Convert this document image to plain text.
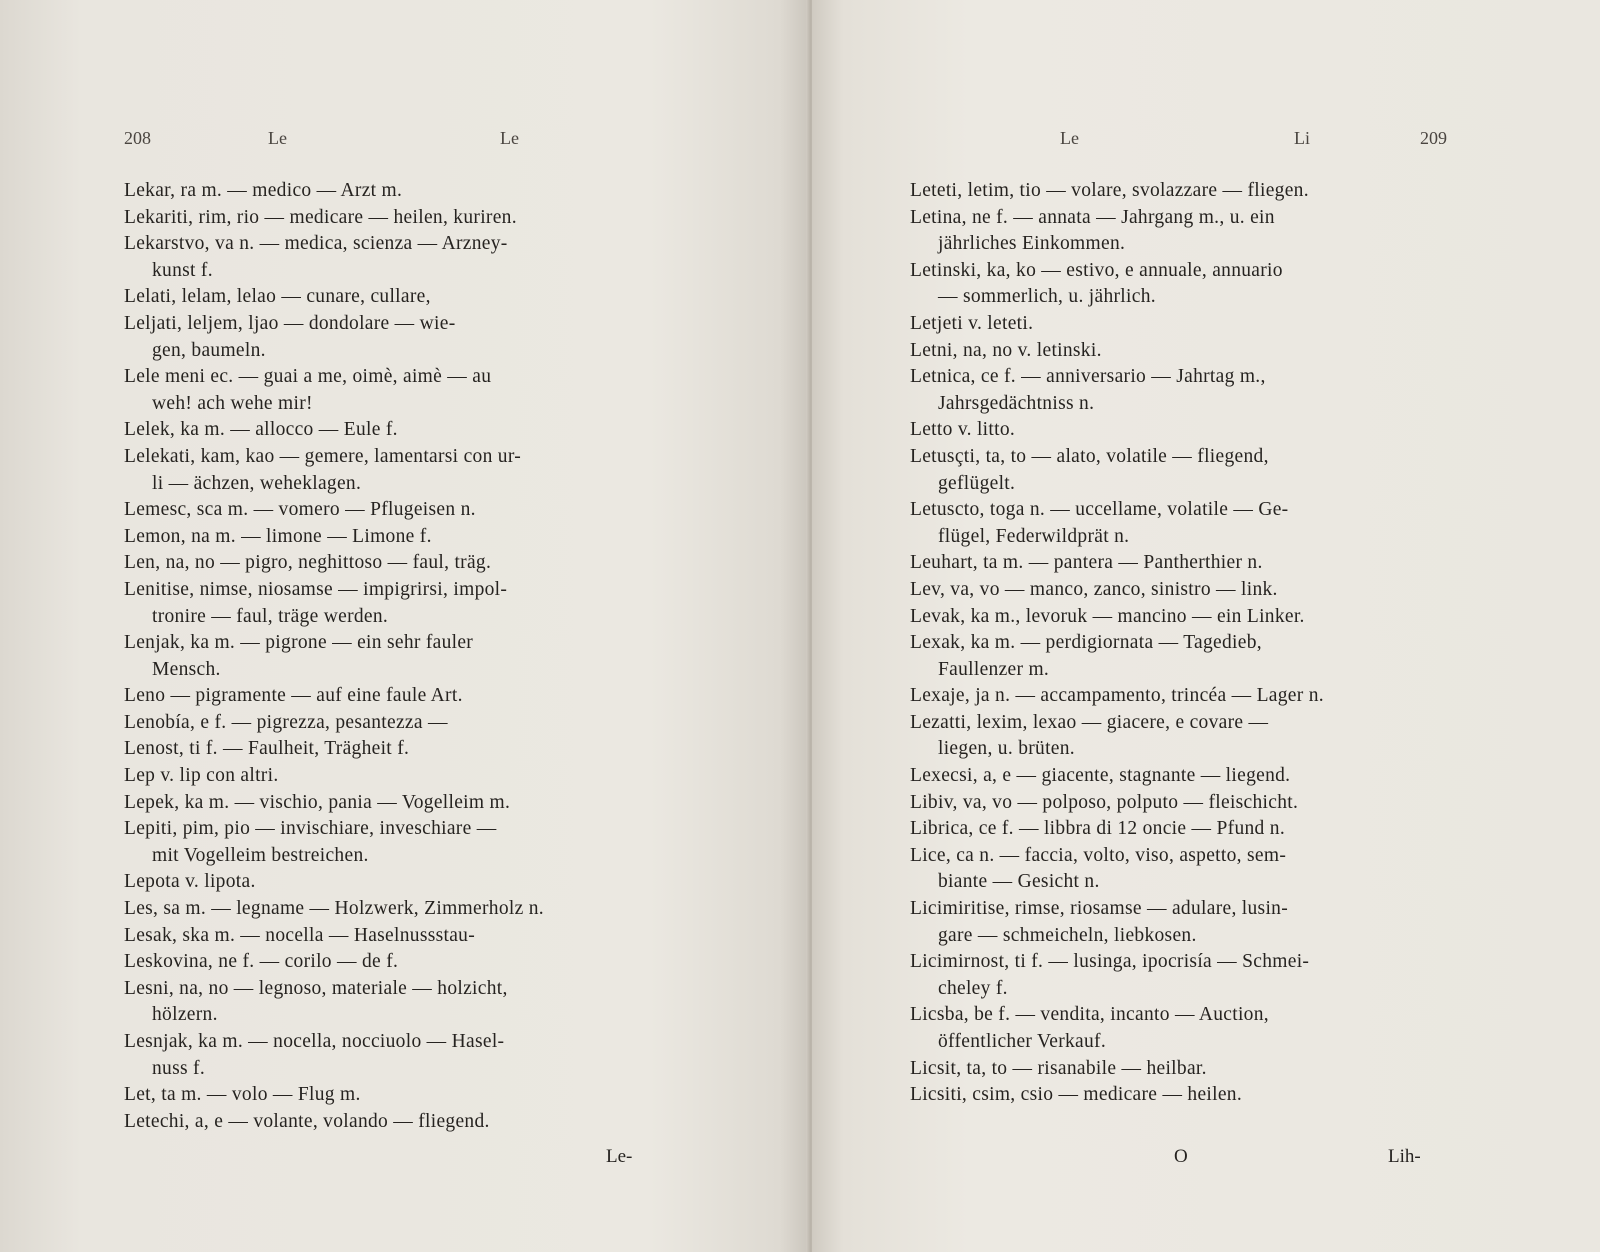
208	Le	Le
Lekar, ra m. — medico — Arzt m.
Lekariti, rim, rio — medicare — heilen, kuriren.
Lekarstvo, va n. — medica, scienza — Arzney-
kunst f.
Lelati, lelam, lelao — cunare, cullare,
Leljati, leljem, ljao — dondolare — wie-
gen, baumeln.
Lele meni ec. — guai a me, oimè, aimè — au
weh! ach wehe mir!
Lelek, ka m. — allocco — Eule f.
Lelekati, kam, kao — gemere, lamentarsi con ur-
li — ächzen, weheklagen.
Lemesc, sca m. — vomero — Pflugeisen n.
Lemon, na m. — limone — Limone f.
Len, na, no — pigro, neghittoso — faul, träg.
Lenitise, nimse, niosamse — impigrirsi, impol-
tronire — faul, träge werden.
Lenjak, ka m. — pigrone — ein sehr fauler
Mensch.
Leno — pigramente — auf eine faule Art.
Lenobía, e f. — pigrezza, pesantezza —
Lenost, ti f. — Faulheit, Trägheit f.
Lep v. lip con altri.
Lepek, ka m. — vischio, pania — Vogelleim m.
Lepiti, pim, pio — invischiare, inveschiare —
mit Vogelleim bestreichen.
Lepota v. lipota.
Les, sa m. — legname — Holzwerk, Zimmerholz n.
Lesak, ska m. — nocella — Haselnussstau-
Leskovina, ne f. — corilo — de f.
Lesni, na, no — legnoso, materiale — holzicht,
hölzern.
Lesnjak, ka m. — nocella, nocciuolo — Hasel-
nuss f.
Let, ta m. — volo — Flug m.
Letechi, a, e — volante, volando — fliegend.
Le-
Le	Li	209
Leteti, letim, tio — volare, svolazzare — fliegen.
Letina, ne f. — annata — Jahrgang m., u. ein
jährliches Einkommen.
Letinski, ka, ko — estivo, e annuale, annuario
— sommerlich, u. jährlich.
Letjeti v. leteti.
Letni, na, no v. letinski.
Letnica, ce f. — anniversario — Jahrtag m.,
Jahrsgedächtniss n.
Letto v. litto.
Letusçti, ta, to — alato, volatile — fliegend,
geflügelt.
Letuscto, toga n. — uccellame, volatile — Ge-
flügel, Federwildprät n.
Leuhart, ta m. — pantera — Pantherthier n.
Lev, va, vo — manco, zanco, sinistro — link.
Levak, ka m., levoruk — mancino — ein Linker.
Lexak, ka m. — perdigiornata — Tagedieb,
Faullenzer m.
Lexaje, ja n. — accampamento, trincéa — Lager n.
Lezatti, lexim, lexao — giacere, e covare —
liegen, u. brüten.
Lexecsi, a, e — giacente, stagnante — liegend.
Libiv, va, vo — polposo, polputo — fleischicht.
Librica, ce f. — libbra di 12 oncie — Pfund n.
Lice, ca n. — faccia, volto, viso, aspetto, sem-
biante — Gesicht n.
Licimiritise, rimse, riosamse — adulare, lusin-
gare — schmeicheln, liebkosen.
Licimirnost, ti f. — lusinga, ipocrisía — Schmei-
cheley f.
Licsba, be f. — vendita, incanto — Auction,
öffentlicher Verkauf.
Licsit, ta, to — risanabile — heilbar.
Licsiti, csim, csio — medicare — heilen.
O	Lih-
